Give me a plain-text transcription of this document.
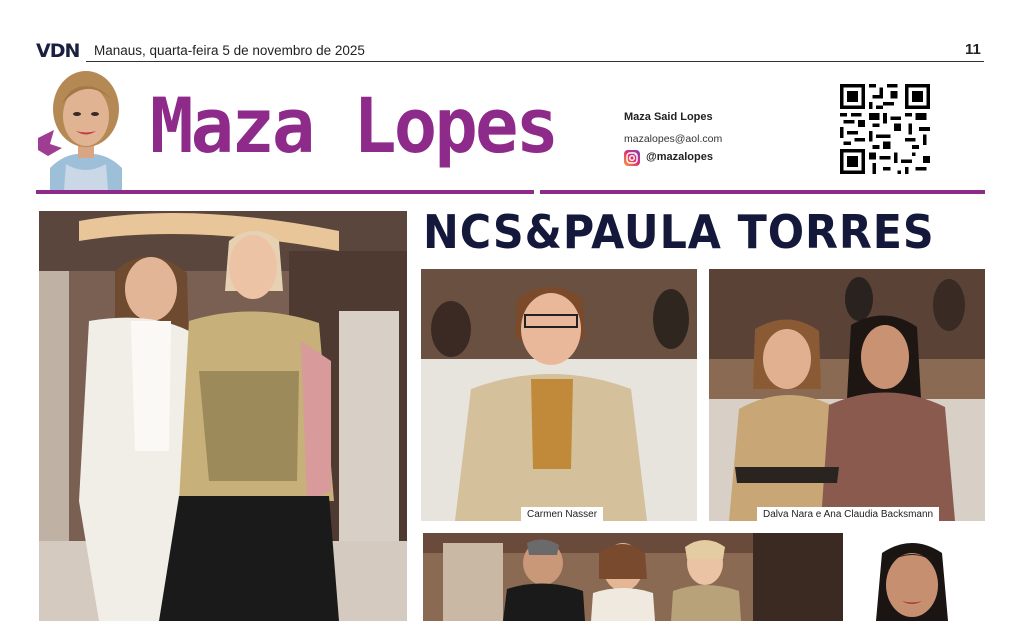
VDN Manaus, quarta-feira 5 de novembro de 2025	11
Maza Lopes	Maza Said Lopes
mazalopes@aol.com
@mazalopes
NCS&PAULA TORRES
Carmen Nasser	Dalva Nara e Ana Claudia Backsmann
